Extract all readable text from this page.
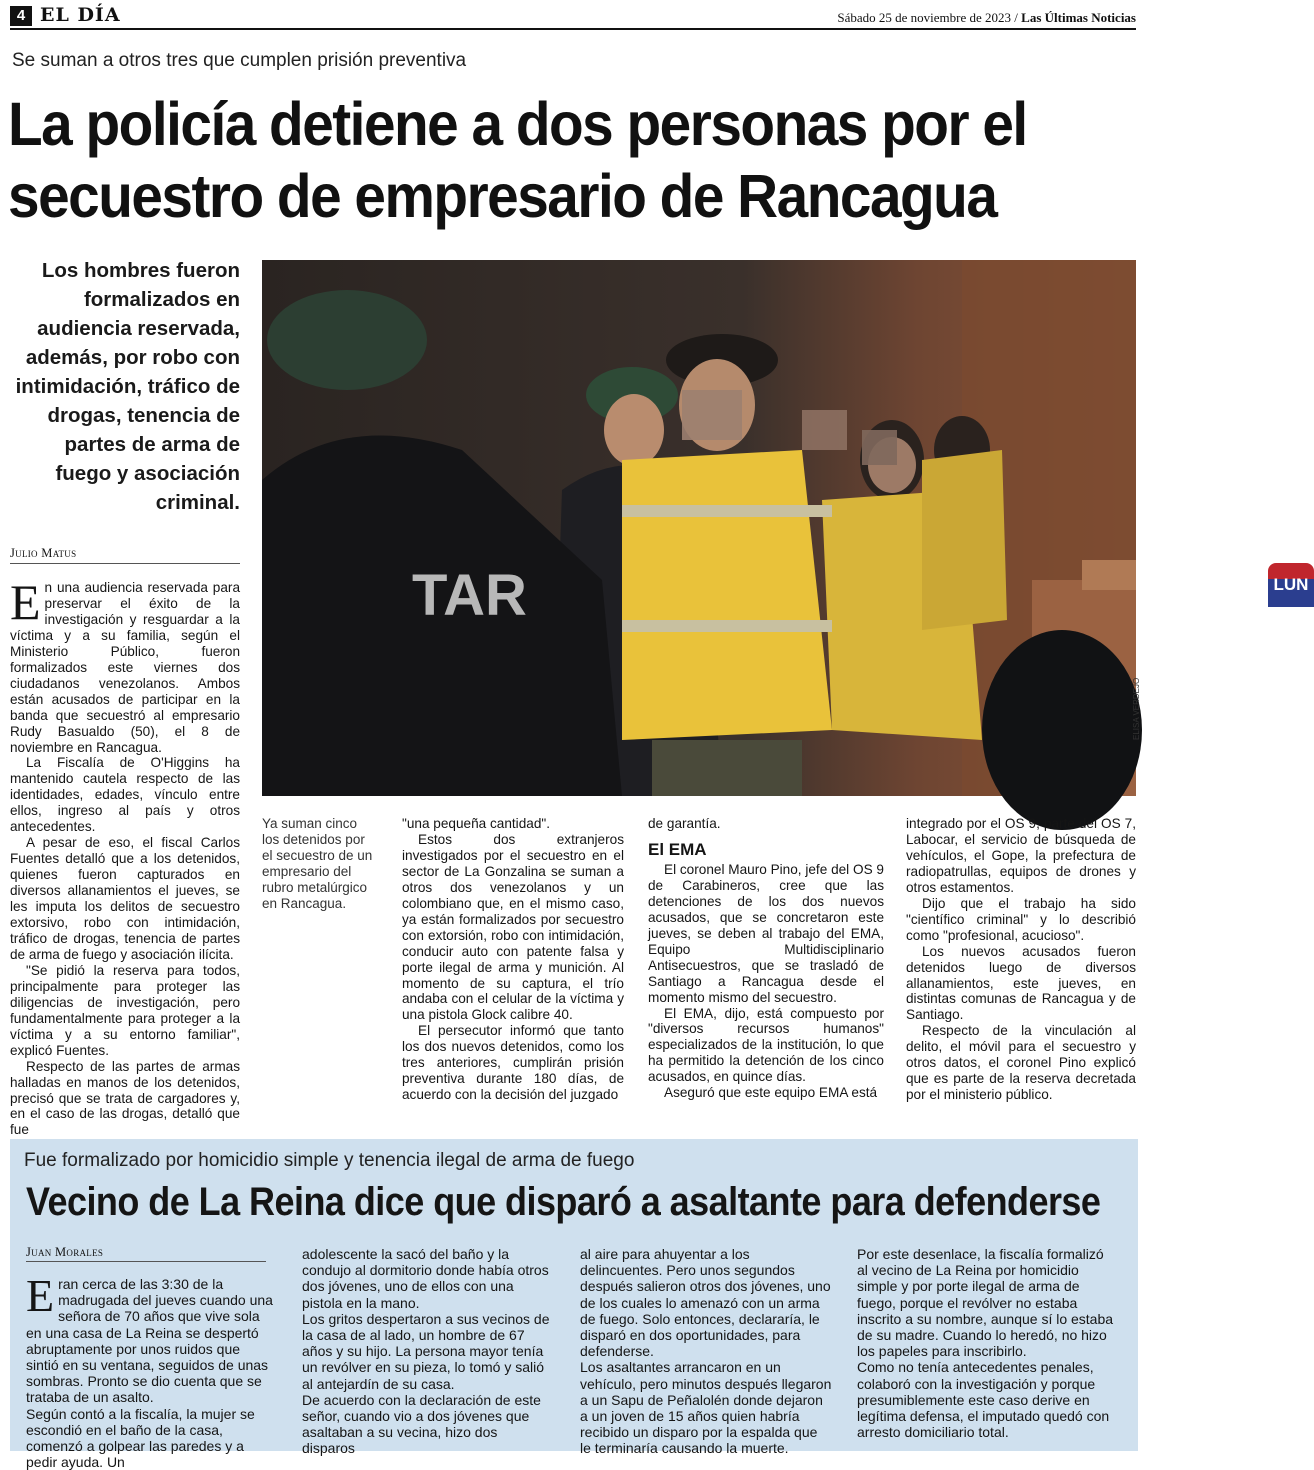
4 EL DÍA	Sábado 25 de noviembre de 2023 / Las Últimas Noticias
Se suman a otros tres que cumplen prisión preventiva
La policía detiene a dos personas por el
secuestro de empresario de Rancagua
Los hombres fueron formalizados en audiencia reservada, además, por robo con intimidación, tráfico de drogas, tenencia de partes de arma de fuego y asociación criminal.
TAR	LUN
ELISA VERDEJO
Julio Matus

En una audiencia reservada para preservar el éxito de la investigación y resguardar a la víctima y a su familia, según el Ministerio Público, fueron formalizados este viernes dos ciudadanos venezolanos. Ambos están acusados de participar en la banda que secuestró al empresario Rudy Basualdo (50), el 8 de noviembre en Rancagua.

La Fiscalía de O'Higgins ha mantenido cautela respecto de las identidades, edades, vínculo entre ellos, ingreso al país y otros antecedentes.

A pesar de eso, el fiscal Carlos Fuentes detalló que a los detenidos, quienes fueron capturados en diversos allanamientos el jueves, se les imputa los delitos de secuestro extorsivo, robo con intimidación, tráfico de drogas, tenencia de partes de arma de fuego y asociación ilícita.

"Se pidió la reserva para todos, principalmente para proteger las diligencias de investigación, pero fundamentalmente para proteger a la víctima y a su entorno familiar", explicó Fuentes.

Respecto de las partes de armas halladas en manos de los detenidos, precisó que se trata de cargadores y, en el caso de las drogas, detalló que fue

Ya suman cinco los detenidos por el secuestro de un empresario del rubro metalúrgico en Rancagua.

"una pequeña cantidad".

Estos dos extranjeros investigados por el secuestro en el sector de La Gonzalina se suman a otros dos venezolanos y un colombiano que, en el mismo caso, ya están formalizados por secuestro con extorsión, robo con intimidación, conducir auto con patente falsa y porte ilegal de arma y munición. Al momento de su captura, el trío andaba con el celular de la víctima y una pistola Glock calibre 40.

El persecutor informó que tanto los dos nuevos detenidos, como los tres anteriores, cumplirán prisión preventiva durante 180 días, de acuerdo con la decisión del juzgado

de garantía.

El EMA

El coronel Mauro Pino, jefe del OS 9 de Carabineros, cree que las detenciones de los dos nuevos acusados, que se concretaron este jueves, se deben al trabajo del EMA, Equipo Multidisciplinario Antisecuestros, que se trasladó de Santiago a Rancagua desde el momento mismo del secuestro.

El EMA, dijo, está compuesto por "diversos recursos humanos" especializados de la institución, lo que ha permitido la detención de los cinco acusados, en quince días.

Aseguró que este equipo EMA está

integrado por el OS 9, parte del OS 7, Labocar, el servicio de búsqueda de vehículos, el Gope, la prefectura de radiopatrullas, equipos de drones y otros estamentos.

Dijo que el trabajo ha sido "científico criminal" y lo describió como "profesional, acucioso".

Los nuevos acusados fueron detenidos luego de diversos allanamientos, este jueves, en distintas comunas de Rancagua y de Santiago.

Respecto de la vinculación al delito, el móvil para el secuestro y otros datos, el coronel Pino explicó que es parte de la reserva decretada por el ministerio público.

Fue formalizado por homicidio simple y tenencia ilegal de arma de fuego
Vecino de La Reina dice que disparó a asaltante para defenderse
Juan Morales
Eran cerca de las 3:30 de la madrugada del jueves cuando una señora de 70 años que vive sola en una casa de La Reina se despertó abruptamente por unos ruidos que sintió en su ventana, seguidos de unas sombras. Pronto se dio cuenta que se trataba de un asalto.
Según contó a la fiscalía, la mujer se escondió en el baño de la casa, comenzó a golpear las paredes y a pedir ayuda. Un
adolescente la sacó del baño y la condujo al dormitorio donde había otros dos jóvenes, uno de ellos con una pistola en la mano.
Los gritos despertaron a sus vecinos de la casa de al lado, un hombre de 67 años y su hijo. La persona mayor tenía un revólver en su pieza, lo tomó y salió al antejardín de su casa.
De acuerdo con la declaración de este señor, cuando vio a dos jóvenes que asaltaban a su vecina, hizo dos disparos
al aire para ahuyentar a los delincuentes. Pero unos segundos después salieron otros dos jóvenes, uno de los cuales lo amenazó con un arma de fuego. Solo entonces, declararía, le disparó en dos oportunidades, para defenderse.
Los asaltantes arrancaron en un vehículo, pero minutos después llegaron a un Sapu de Peñalolén donde dejaron a un joven de 15 años quien habría recibido un disparo por la espalda que le terminaría causando la muerte.
Por este desenlace, la fiscalía formalizó al vecino de La Reina por homicidio simple y por porte ilegal de arma de fuego, porque el revólver no estaba inscrito a su nombre, aunque sí lo estaba de su madre. Cuando lo heredó, no hizo los papeles para inscribirlo.
Como no tenía antecedentes penales, colaboró con la investigación y porque presumiblemente este caso derive en legítima defensa, el imputado quedó con arresto domiciliario total.
